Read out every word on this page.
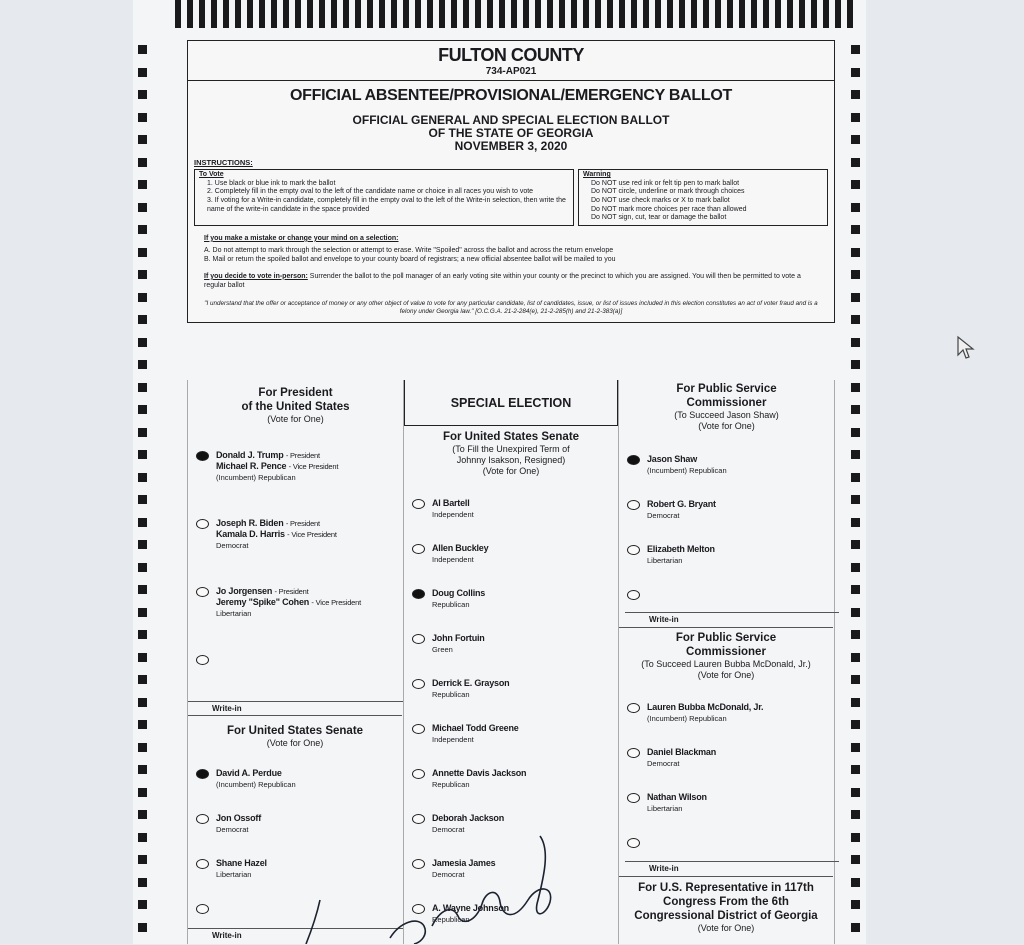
FULTON COUNTY
734-AP021
OFFICIAL ABSENTEE/PROVISIONAL/EMERGENCY BALLOT
OFFICIAL GENERAL AND SPECIAL ELECTION BALLOT
OF THE STATE OF GEORGIA
NOVEMBER 3, 2020
INSTRUCTIONS:
To Vote
1. Use black or blue ink to mark the ballot
2. Completely fill in the empty oval to the left of the candidate name or choice in all races you wish to vote
3. If voting for a Write-in candidate, completely fill in the empty oval to the left of the Write-in selection, then write the name of the write-in candidate in the space provided
Warning
Do NOT use red ink or felt tip pen to mark ballot
Do NOT circle, underline or mark through choices
Do NOT use check marks or X to mark ballot
Do NOT mark more choices per race than allowed
Do NOT sign, cut, tear or damage the ballot
If you make a mistake or change your mind on a selection:
A. Do not attempt to mark through the selection or attempt to erase. Write "Spoiled" across the ballot and across the return envelope
B. Mail or return the spoiled ballot and envelope to your county board of registrars; a new official absentee ballot will be mailed to you
If you decide to vote in-person: Surrender the ballot to the poll manager of an early voting site within your county or the precinct to which you are assigned. You will then be permitted to vote a regular ballot
"I understand that the offer or acceptance of money or any other object of value to vote for any particular candidate, list of candidates, issue, or list of issues included in this election constitutes an act of voter fraud and is a felony under Georgia law." [O.C.G.A. 21-2-284(e), 21-2-285(h) and 21-2-383(a)]
For President
of the United States
(Vote for One)
Donald J. Trump - President
Michael R. Pence - Vice President
(Incumbent) Republican
Joseph R. Biden - President
Kamala D. Harris - Vice President
Democrat
Jo Jorgensen - President
Jeremy "Spike" Cohen - Vice President
Libertarian
Write-in
For United States Senate
(Vote for One)
David A. Perdue
(Incumbent) Republican
Jon Ossoff
Democrat
Shane Hazel
Libertarian
Write-in
SPECIAL ELECTION
For United States Senate
(To Fill the Unexpired Term of
Johnny Isakson, Resigned)
(Vote for One)
Al Bartell
Independent
Allen Buckley
Independent
Doug Collins
Republican
John Fortuin
Green
Derrick E. Grayson
Republican
Michael Todd Greene
Independent
Annette Davis Jackson
Republican
Deborah Jackson
Democrat
Jamesia James
Democrat
A. Wayne Johnson
Republican
For Public Service
Commissioner
(To Succeed Jason Shaw)
(Vote for One)
Jason Shaw
(Incumbent) Republican
Robert G. Bryant
Democrat
Elizabeth Melton
Libertarian
Write-in
For Public Service
Commissioner
(To Succeed Lauren Bubba McDonald, Jr.)
(Vote for One)
Lauren Bubba McDonald, Jr.
(Incumbent) Republican
Daniel Blackman
Democrat
Nathan Wilson
Libertarian
Write-in
For U.S. Representative in 117th
Congress From the 6th
Congressional District of Georgia
(Vote for One)
